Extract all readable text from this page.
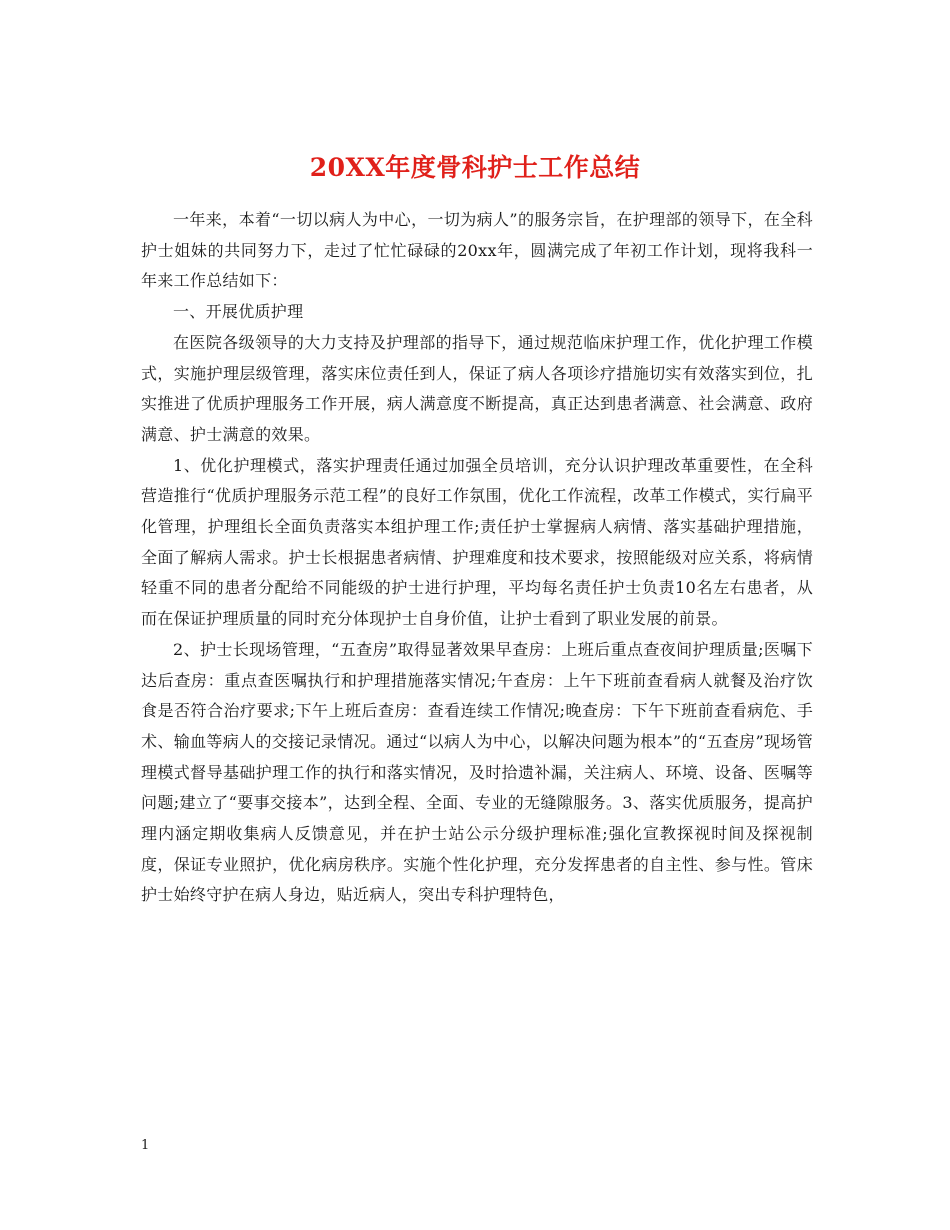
20XX年度骨科护士工作总结

一年来，本着“一切以病人为中心，一切为病人”的服务宗旨，在护理部的领导下，在全科护士姐妹的共同努力下，走过了忙忙碌碌的20xx年，圆满完成了年初工作计划，现将我科一年来工作总结如下：

一、开展优质护理

在医院各级领导的大力支持及护理部的指导下，通过规范临床护理工作，优化护理工作模式，实施护理层级管理，落实床位责任到人，保证了病人各项诊疗措施切实有效落实到位，扎实推进了优质护理服务工作开展，病人满意度不断提高，真正达到患者满意、社会满意、政府满意、护士满意的效果。

1、优化护理模式，落实护理责任通过加强全员培训，充分认识护理改革重要性，在全科营造推行“优质护理服务示范工程”的良好工作氛围，优化工作流程，改革工作模式，实行扁平化管理，护理组长全面负责落实本组护理工作;责任护士掌握病人病情、落实基础护理措施，全面了解病人需求。护士长根据患者病情、护理难度和技术要求，按照能级对应关系，将病情轻重不同的患者分配给不同能级的护士进行护理，平均每名责任护士负责10名左右患者，从而在保证护理质量的同时充分体现护士自身价值，让护士看到了职业发展的前景。

2、护士长现场管理，“五查房”取得显著效果早查房：上班后重点查夜间护理质量;医嘱下达后查房：重点查医嘱执行和护理措施落实情况;午查房：上午下班前查看病人就餐及治疗饮食是否符合治疗要求;下午上班后查房：查看连续工作情况;晚查房：下午下班前查看病危、手术、输血等病人的交接记录情况。通过“以病人为中心，以解决问题为根本”的“五查房”现场管理模式督导基础护理工作的执行和落实情况，及时拾遗补漏，关注病人、环境、设备、医嘱等问题;建立了“要事交接本”，达到全程、全面、专业的无缝隙服务。3、落实优质服务，提高护理内涵定期收集病人反馈意见，并在护士站公示分级护理标准;强化宣教探视时间及探视制度，保证专业照护，优化病房秩序。实施个性化护理，充分发挥患者的自主性、参与性。管床护士始终守护在病人身边，贴近病人，突出专科护理特色，

1
